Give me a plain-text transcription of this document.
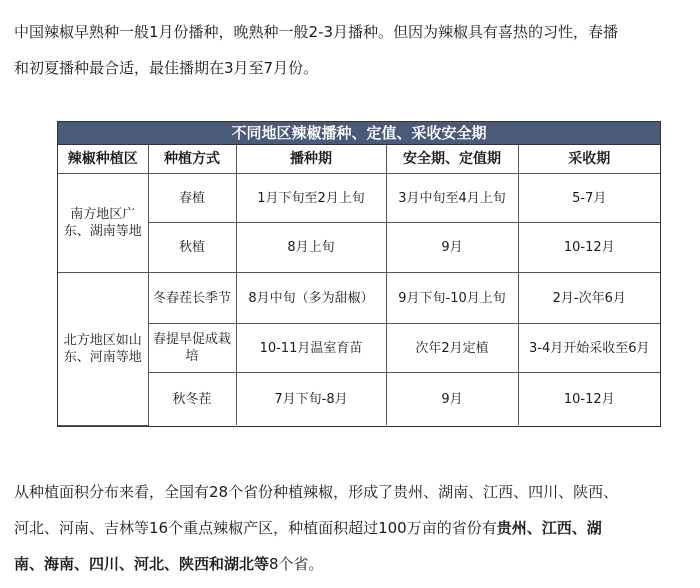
中国辣椒早熟种一般1月份播种，晚熟种一般2-3月播种。但因为辣椒具有喜热的习性，春播
和初夏播种最合适，最佳播期在3月至7月份。
不同地区辣椒播种、定值、采收安全期
辣椒种植区	种植方式	播种期	安全期、定值期	采收期
南方地区广东、湖南等地	春植	1月下旬至2月上旬	3月中旬至4月上旬	5-7月
	秋植	8月上旬	9月	10-12月
北方地区如山东、河南等地	冬春茬长季节	8月中旬（多为甜椒）	9月下旬-10月上旬	2月-次年6月
	春提早促成栽培	10-11月温室育苗	次年2月定植	3-4月开始采收至6月
	秋冬茬	7月下旬-8月	9月	10-12月
从种植面积分布来看，全国有28个省份种植辣椒，形成了贵州、湖南、江西、四川、陕西、
河北、河南、吉林等16个重点辣椒产区，种植面积超过100万亩的省份有贵州、江西、湖
南、海南、四川、河北、陕西和湖北等8个省。
